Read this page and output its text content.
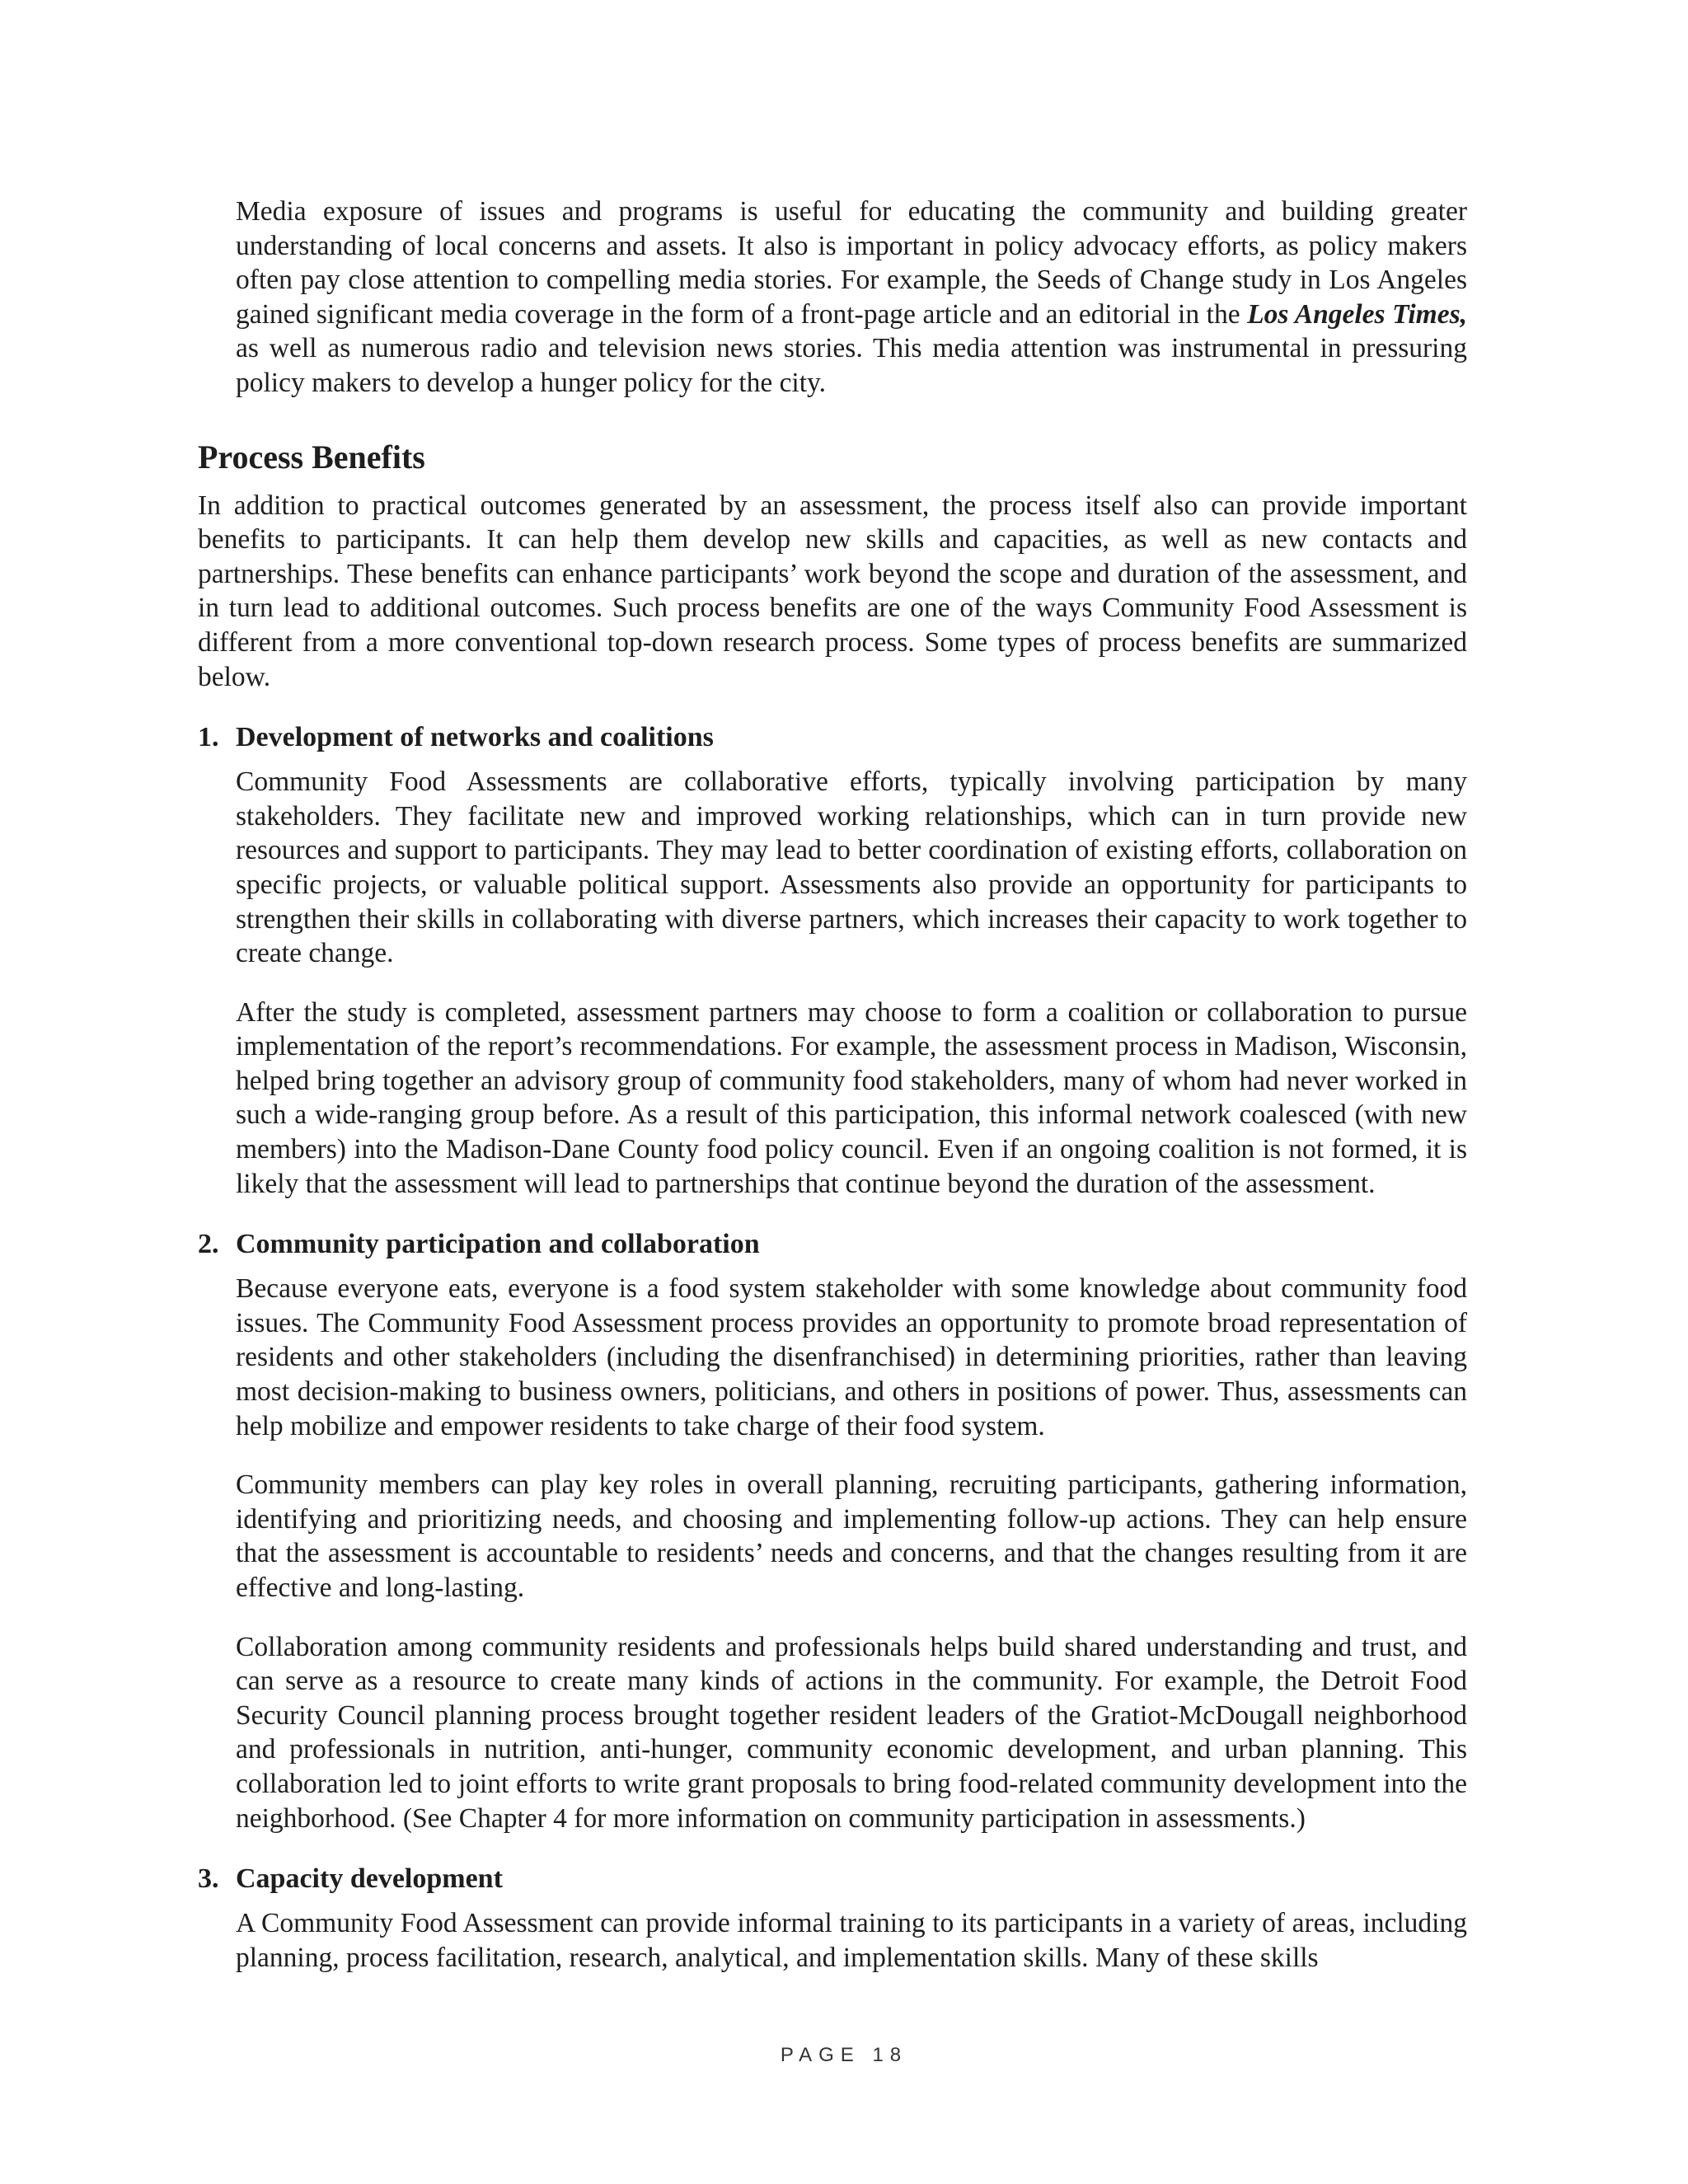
Media exposure of issues and programs is useful for educating the community and building greater understanding of local concerns and assets. It also is important in policy advocacy efforts, as policy makers often pay close attention to compelling media stories. For example, the Seeds of Change study in Los Angeles gained significant media coverage in the form of a front-page article and an editorial in the Los Angeles Times, as well as numerous radio and television news stories. This media attention was instrumental in pressuring policy makers to develop a hunger policy for the city.

Process Benefits

In addition to practical outcomes generated by an assessment, the process itself also can provide important benefits to participants. It can help them develop new skills and capacities, as well as new contacts and partnerships. These benefits can enhance participants’ work beyond the scope and duration of the assessment, and in turn lead to additional outcomes. Such process benefits are one of the ways Community Food Assessment is different from a more conventional top-down research process. Some types of process benefits are summarized below.

1. Development of networks and coalitions

Community Food Assessments are collaborative efforts, typically involving participation by many stakeholders. They facilitate new and improved working relationships, which can in turn provide new resources and support to participants. They may lead to better coordination of existing efforts, collaboration on specific projects, or valuable political support. Assessments also provide an opportunity for participants to strengthen their skills in collaborating with diverse partners, which increases their capacity to work together to create change.

After the study is completed, assessment partners may choose to form a coalition or collaboration to pursue implementation of the report’s recommendations. For example, the assessment process in Madison, Wisconsin, helped bring together an advisory group of community food stakeholders, many of whom had never worked in such a wide-ranging group before. As a result of this participation, this informal network coalesced (with new members) into the Madison-Dane County food policy council. Even if an ongoing coalition is not formed, it is likely that the assessment will lead to partnerships that continue beyond the duration of the assessment.

2. Community participation and collaboration

Because everyone eats, everyone is a food system stakeholder with some knowledge about community food issues. The Community Food Assessment process provides an opportunity to promote broad representation of residents and other stakeholders (including the disenfranchised) in determining priorities, rather than leaving most decision-making to business owners, politicians, and others in positions of power. Thus, assessments can help mobilize and empower residents to take charge of their food system.

Community members can play key roles in overall planning, recruiting participants, gathering information, identifying and prioritizing needs, and choosing and implementing follow-up actions. They can help ensure that the assessment is accountable to residents’ needs and concerns, and that the changes resulting from it are effective and long-lasting.

Collaboration among community residents and professionals helps build shared understanding and trust, and can serve as a resource to create many kinds of actions in the community. For example, the Detroit Food Security Council planning process brought together resident leaders of the Gratiot-McDougall neighborhood and professionals in nutrition, anti-hunger, community economic development, and urban planning. This collaboration led to joint efforts to write grant proposals to bring food-related community development into the neighborhood. (See Chapter 4 for more information on community participation in assessments.)

3. Capacity development

A Community Food Assessment can provide informal training to its participants in a variety of areas, including planning, process facilitation, research, analytical, and implementation skills. Many of these skills

PAGE 18
